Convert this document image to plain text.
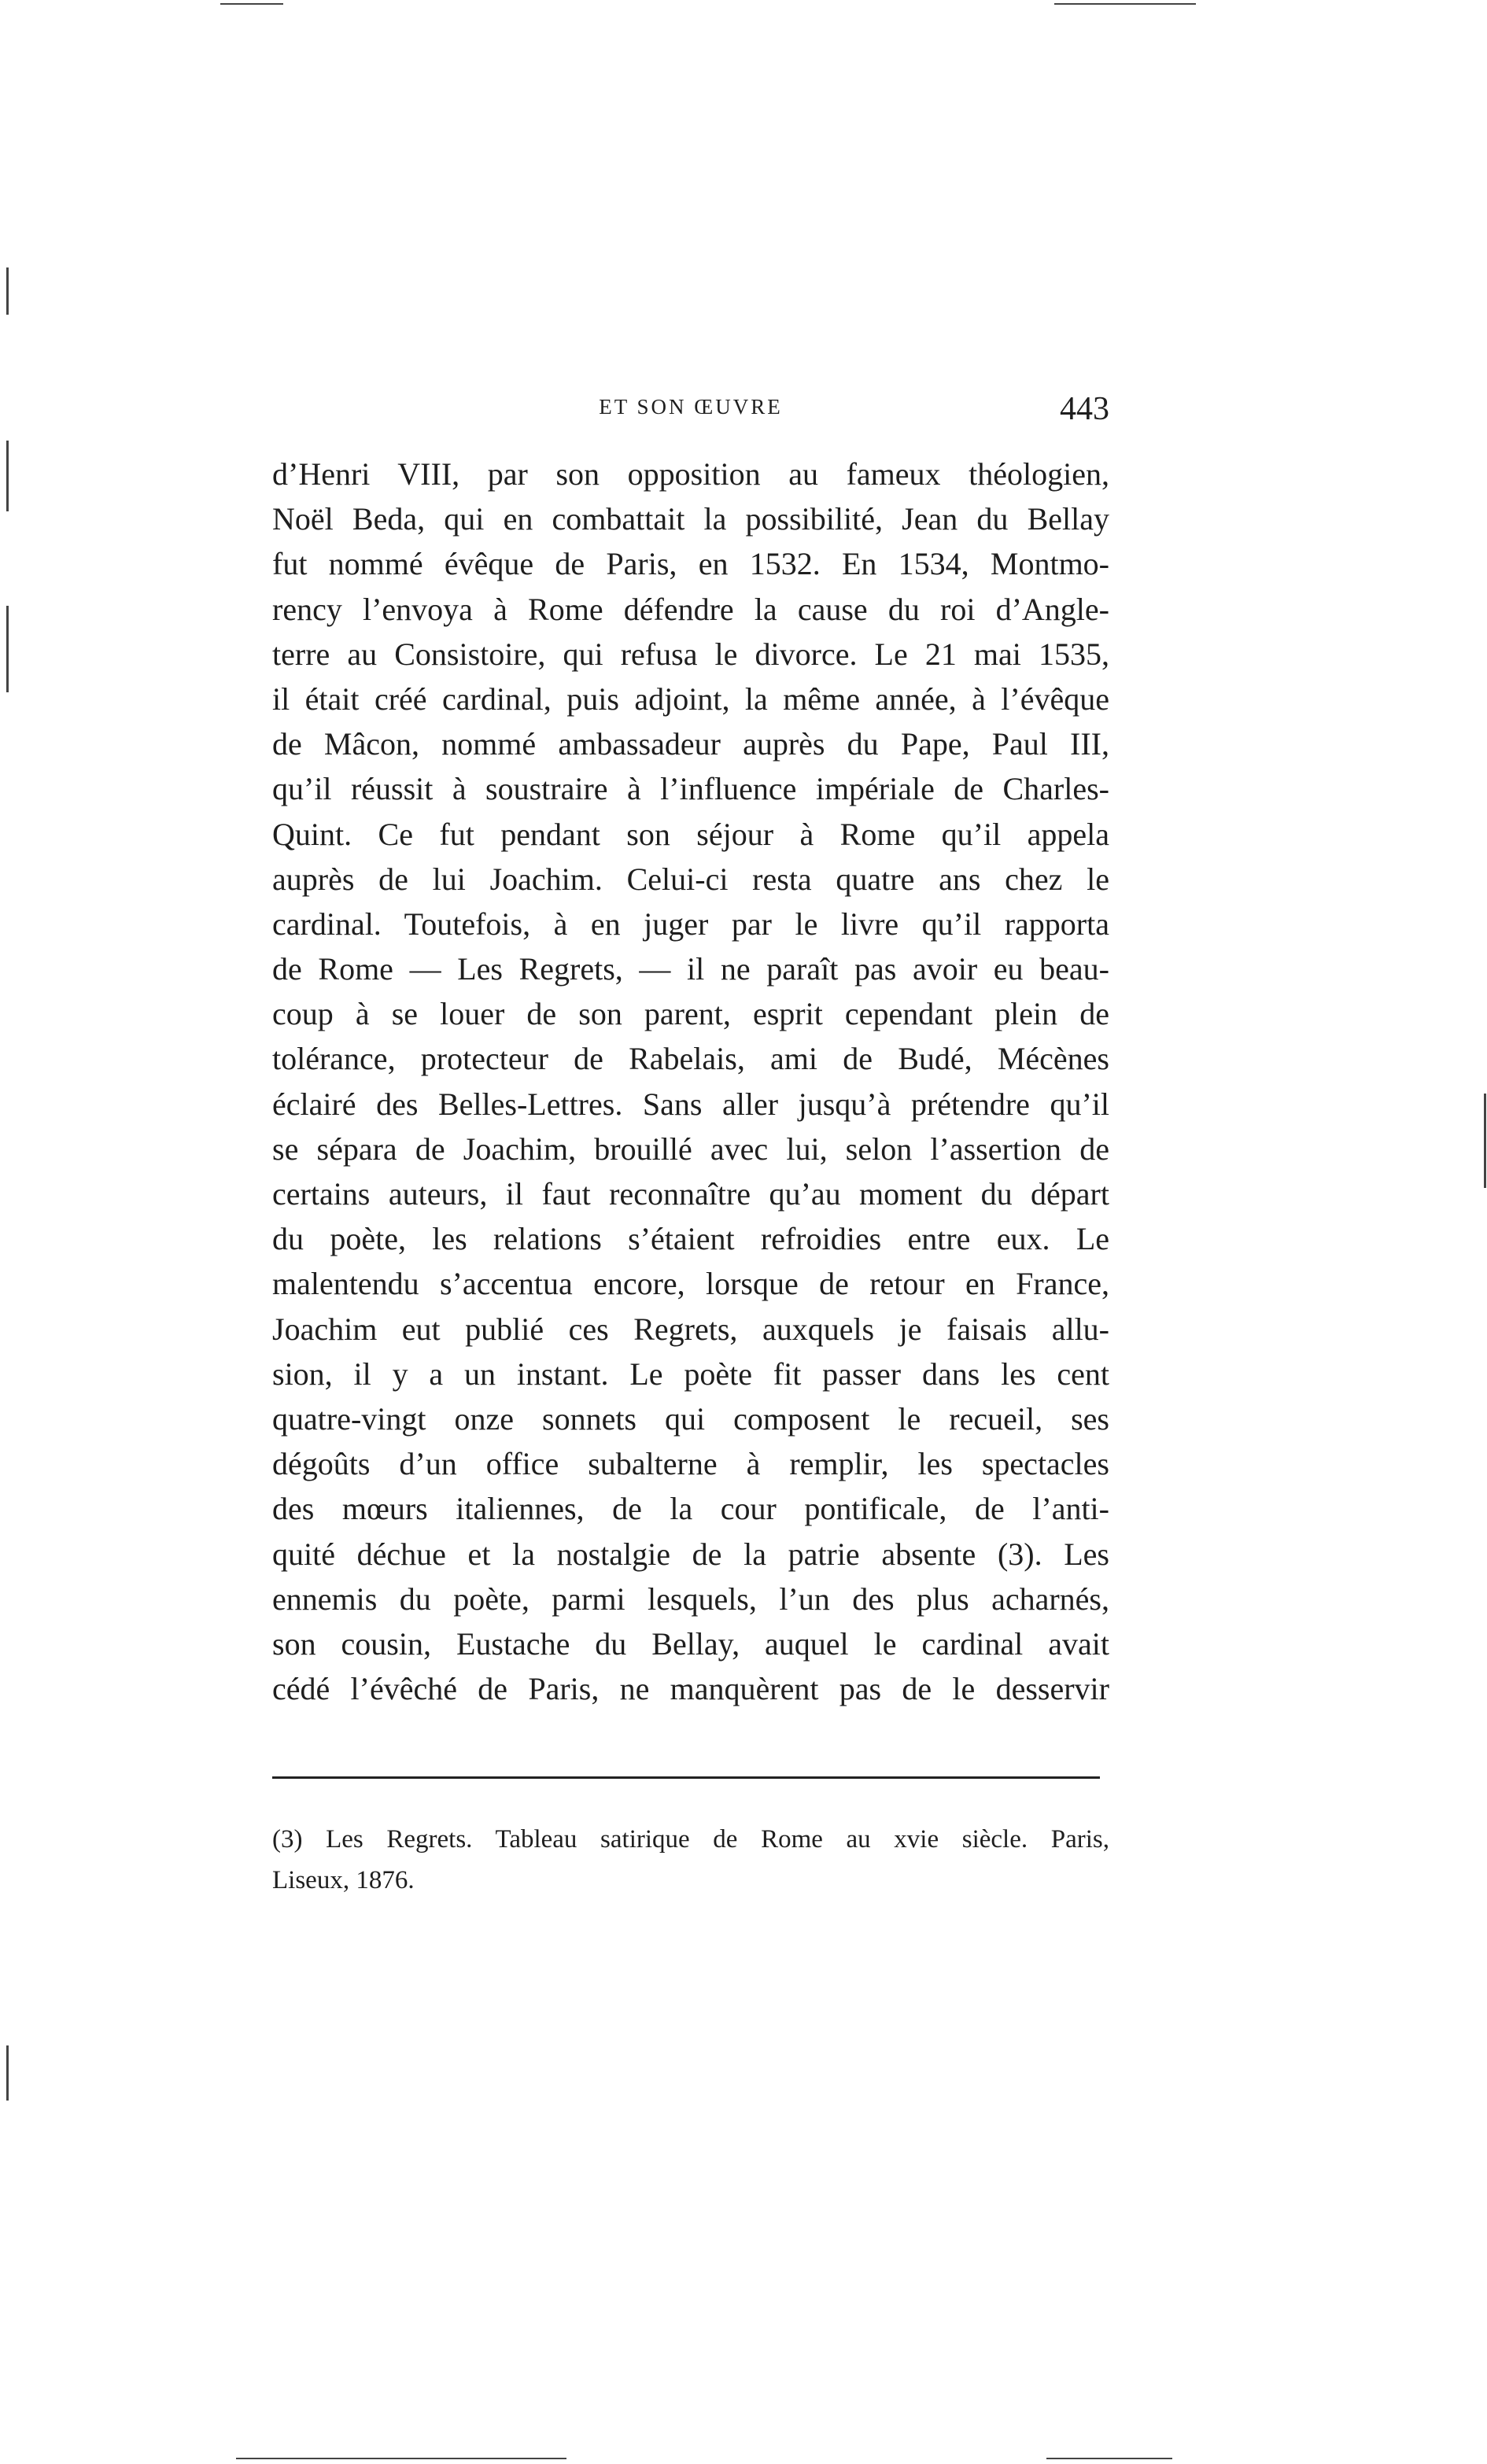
ET SON ŒUVRE	443
d’Henri VIII, par son opposition au fameux théologien,
Noël Beda, qui en combattait la possibilité, Jean du Bellay
fut nommé évêque de Paris, en 1532. En 1534, Montmo-
rency l’envoya à Rome défendre la cause du roi d’Angle-
terre au Consistoire, qui refusa le divorce. Le 21 mai 1535,
il était créé cardinal, puis adjoint, la même année, à l’évêque
de Mâcon, nommé ambassadeur auprès du Pape, Paul III,
qu’il réussit à soustraire à l’influence impériale de Charles-
Quint. Ce fut pendant son séjour à Rome qu’il appela
auprès de lui Joachim. Celui-ci resta quatre ans chez le
cardinal. Toutefois, à en juger par le livre qu’il rapporta
de Rome — Les Regrets, — il ne paraît pas avoir eu beau-
coup à se louer de son parent, esprit cependant plein de
tolérance, protecteur de Rabelais, ami de Budé, Mécènes
éclairé des Belles-Lettres. Sans aller jusqu’à prétendre qu’il
se sépara de Joachim, brouillé avec lui, selon l’assertion de
certains auteurs, il faut reconnaître qu’au moment du départ
du poète, les relations s’étaient refroidies entre eux. Le
malentendu s’accentua encore, lorsque de retour en France,
Joachim eut publié ces Regrets, auxquels je faisais allu-
sion, il y a un instant. Le poète fit passer dans les cent
quatre-vingt onze sonnets qui composent le recueil, ses
dégoûts d’un office subalterne à remplir, les spectacles
des mœurs italiennes, de la cour pontificale, de l’anti-
quité déchue et la nostalgie de la patrie absente (3). Les
ennemis du poète, parmi lesquels, l’un des plus acharnés,
son cousin, Eustache du Bellay, auquel le cardinal avait
cédé l’évêché de Paris, ne manquèrent pas de le desservir
(3) Les Regrets. Tableau satirique de Rome au xvie siècle. Paris,
Liseux, 1876.
